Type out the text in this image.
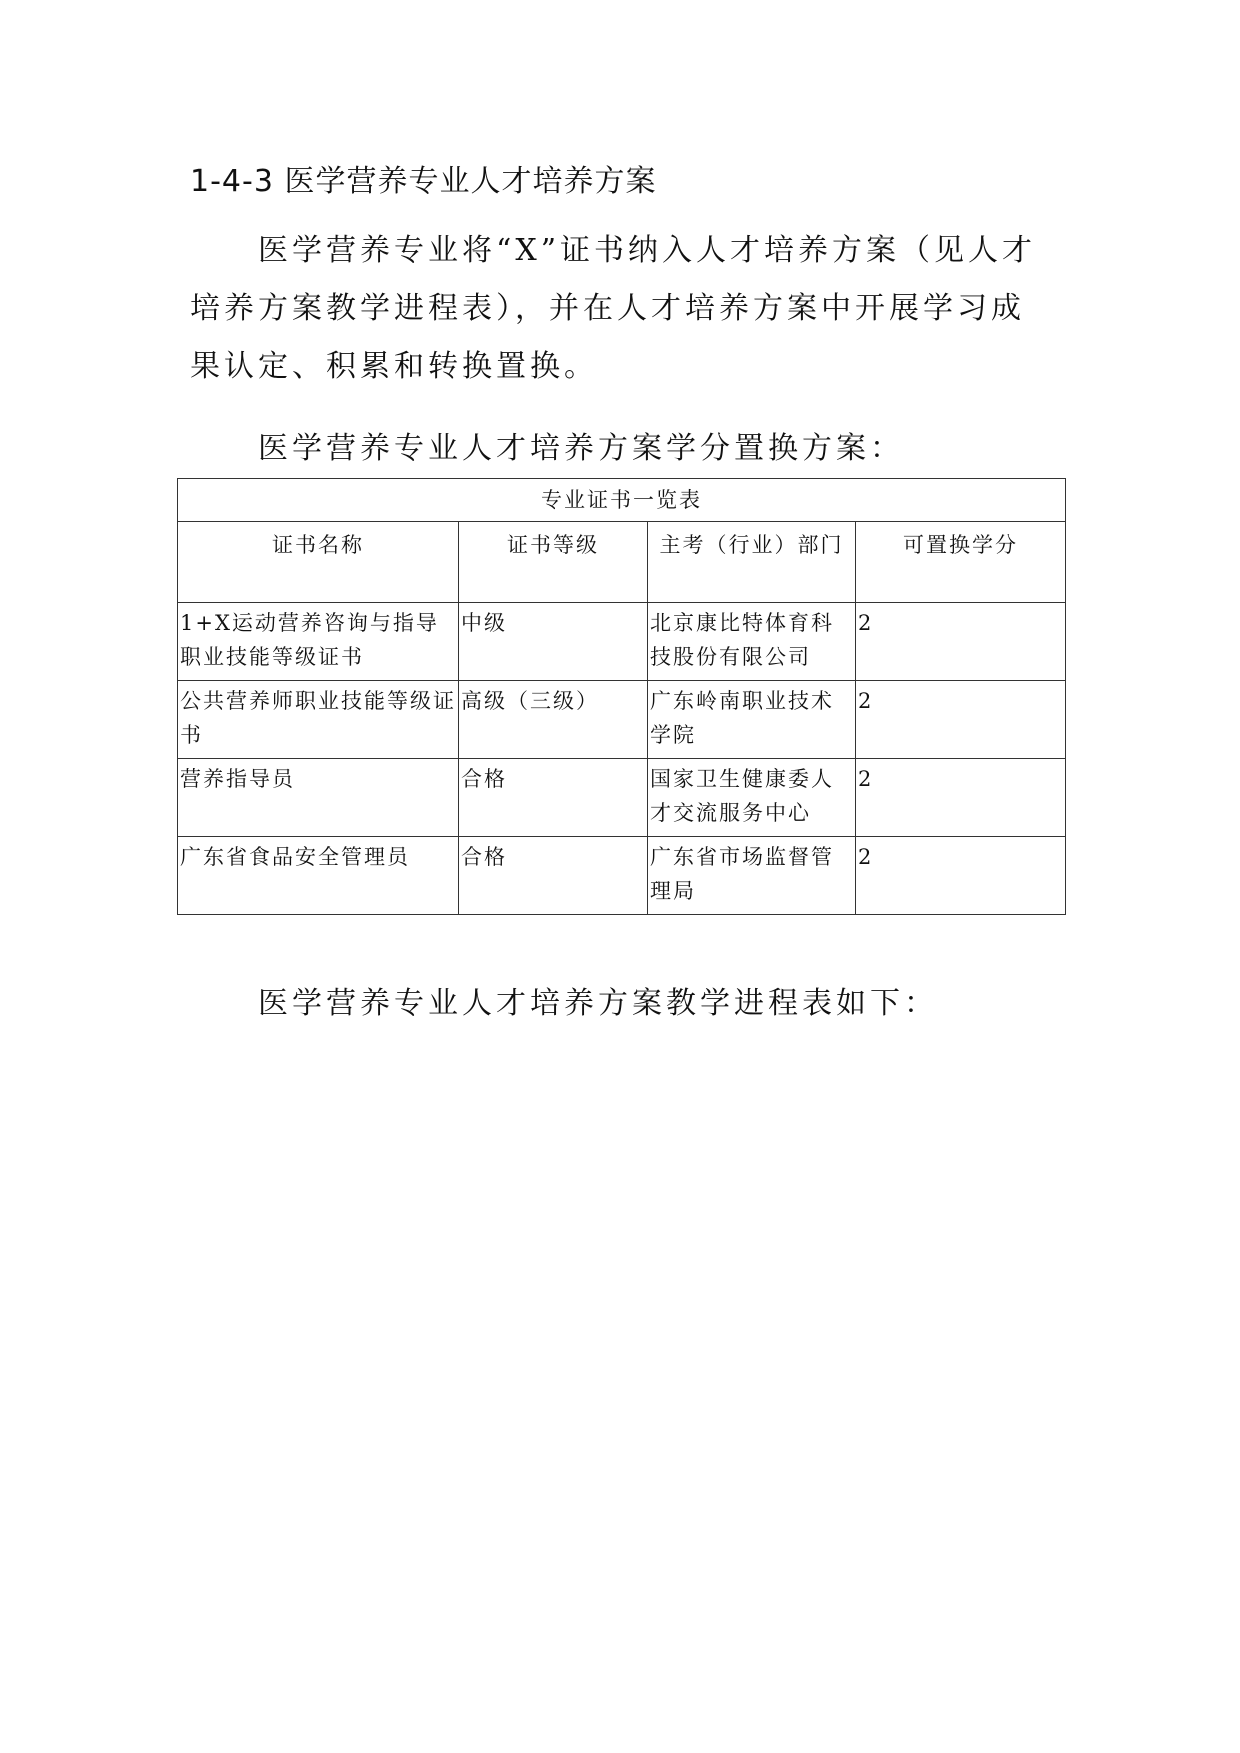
1-4-3 医学营养专业人才培养方案

医学营养专业将“X”证书纳入人才培养方案（见人才培养方案教学进程表），并在人才培养方案中开展学习成果认定、积累和转换置换。

医学营养专业人才培养方案学分置换方案：

专业证书一览表			
证书名称	证书等级	主考（行业）部门	可置换学分
1+X运动营养咨询与指导职业技能等级证书	中级	北京康比特体育科技股份有限公司	2
公共营养师职业技能等级证书	高级（三级）	广东岭南职业技术学院	2
营养指导员	合格	国家卫生健康委人才交流服务中心	2
广东省食品安全管理员	合格	广东省市场监督管理局	2

医学营养专业人才培养方案教学进程表如下：
